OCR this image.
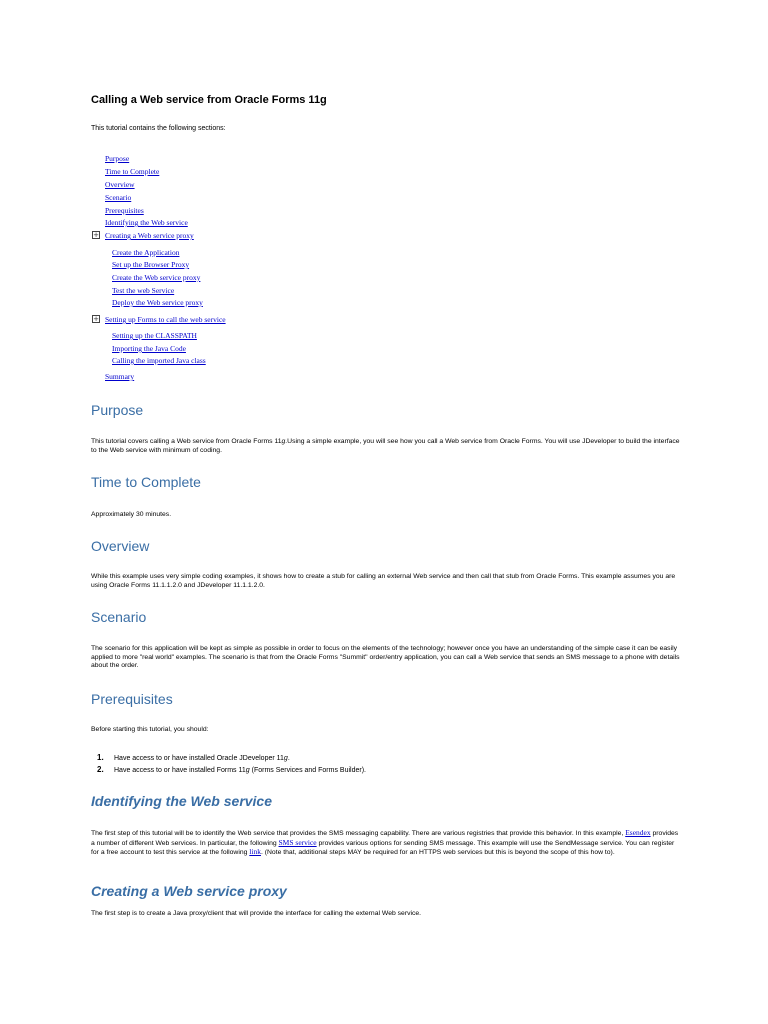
Calling a Web service from Oracle Forms 11g
This tutorial contains the following sections:
Purpose
Time to Complete
Overview
Scenario
Prerequisites
Identifying the Web service
+ Creating a Web service proxy
Create the Application
Set up the Browser Proxy
Create the Web service proxy
Test the web Service
Deploy the Web service proxy
+ Setting up Forms to call the web service
Setting up the CLASSPATH
Importing the Java Code
Calling the imported Java class
Summary
Purpose
This tutorial covers calling a Web service from Oracle Forms 11g.Using a simple example, you will see how you call a Web service from Oracle Forms. You will use JDeveloper to build the interface to the Web service with minimum of coding.
Time to Complete
Approximately 30 minutes.
Overview
While this example uses very simple coding examples, it shows how to create a stub for calling an external Web service and then call that stub from Oracle Forms. This example assumes you are using Oracle Forms 11.1.1.2.0 and JDeveloper 11.1.1.2.0.
Scenario
The scenario for this application will be kept as simple as possible in order to focus on the elements of the technology; however once you have an understanding of the simple case it can be easily applied to more "real world" examples. The scenario is that from the Oracle Forms "Summit" order/entry application, you can call a Web service that sends an SMS message to a phone with details about the order.
Prerequisites
Before starting this tutorial, you should:
1. Have access to or have installed Oracle JDeveloper 11g.
2. Have access to or have installed Forms 11g (Forms Services and Forms Builder).
Identifying the Web service
The first step of this tutorial will be to identify the Web service that provides the SMS messaging capability. There are various registries that provide this behavior. In this example, Esendex provides a number of different Web services. In particular, the following SMS service provides various options for sending SMS message. This example will use the SendMessage service. You can register for a free account to test this service at the following link. (Note that, additional steps MAY be required for an HTTPS web services but this is beyond the scope of this how to).
Creating a Web service proxy
The first step is to create a Java proxy/client that will provide the interface for calling the external Web service.
